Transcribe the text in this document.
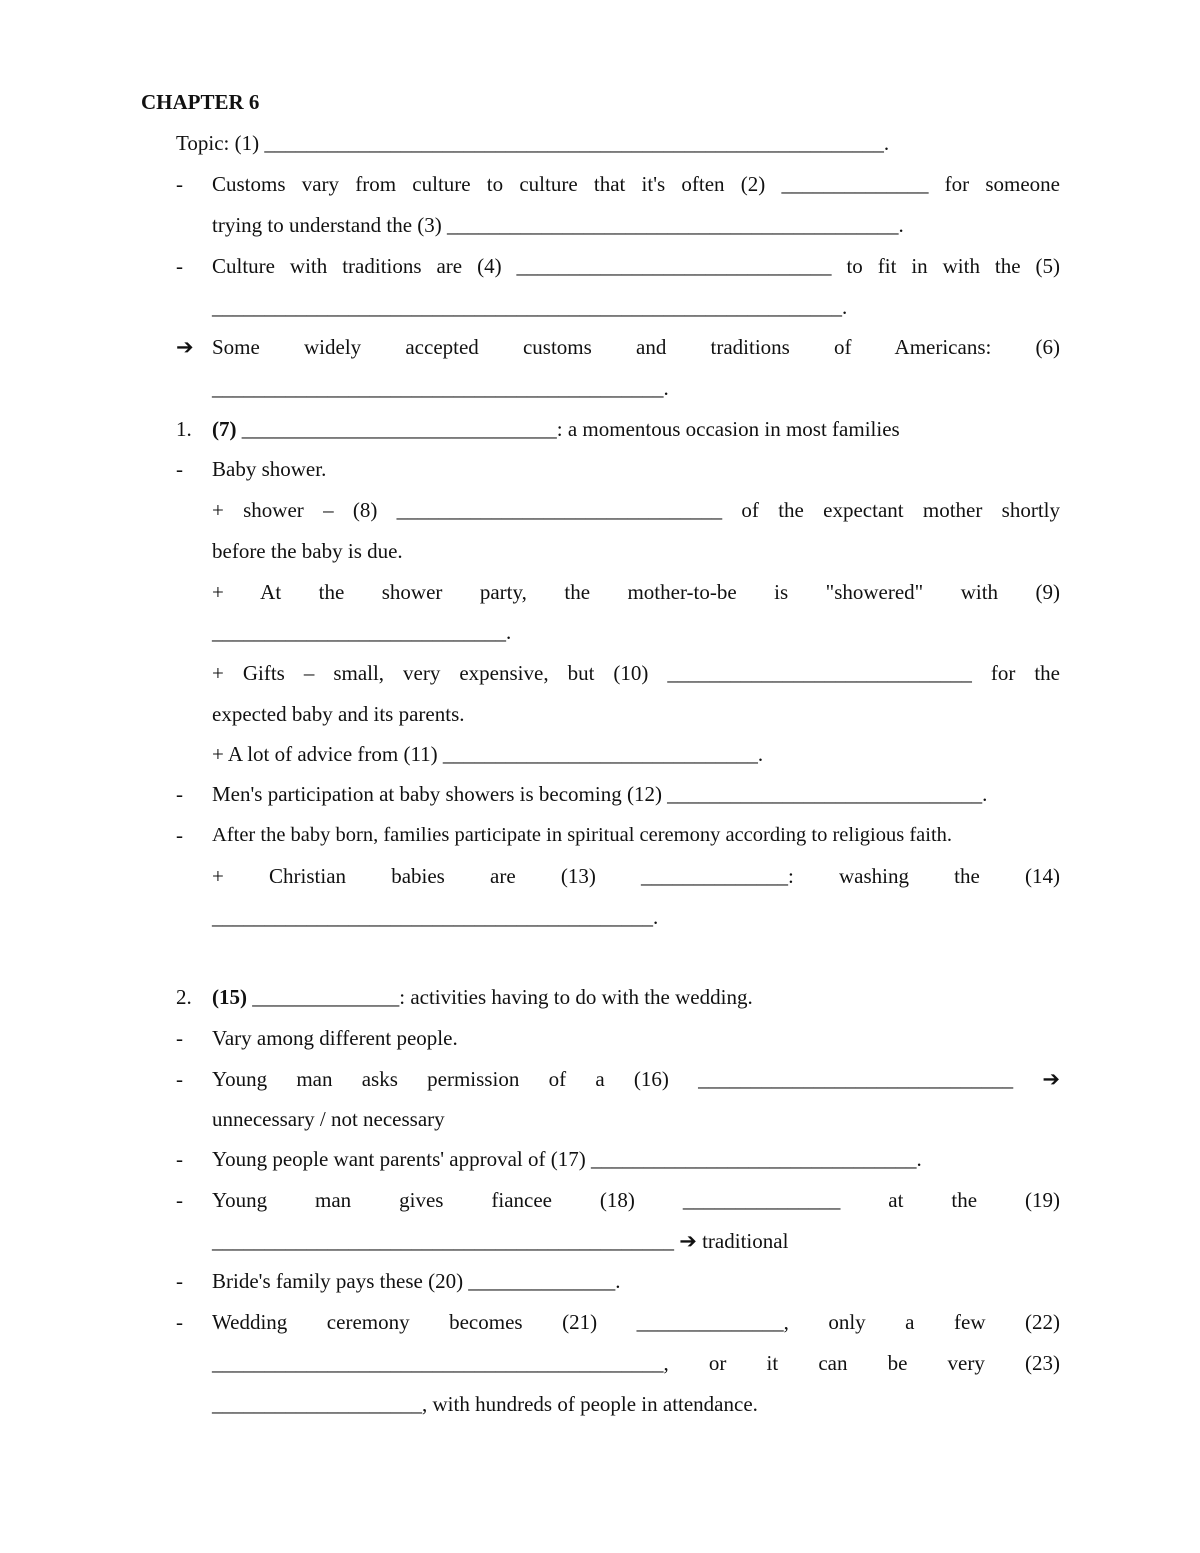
CHAPTER 6
Topic: (1) ___________________________________________________________.
- Customs vary from culture to culture that it's often (2) ______________ for someone
trying to understand the (3) ___________________________________________.
- Culture with traditions are (4) ______________________________ to fit in with the (5)
____________________________________________________________.
➔ Some widely accepted customs and traditions of Americans: (6)
___________________________________________.
1. (7) ______________________________: a momentous occasion in most families
- Baby shower.
+ shower – (8) _______________________________ of the expectant mother shortly
before the baby is due.
+ At the shower party, the mother-to-be is "showered" with (9)
____________________________.
+ Gifts – small, very expensive, but (10) _____________________________ for the
expected baby and its parents.
+ A lot of advice from (11) ______________________________.
- Men's participation at baby showers is becoming (12) ______________________________.
- After the baby born, families participate in spiritual ceremony according to religious faith.
+ Christian babies are (13) ______________: washing the (14)
__________________________________________.
2. (15) ______________: activities having to do with the wedding.
- Vary among different people.
- Young man asks permission of a (16) ______________________________ ➔
unnecessary / not necessary
- Young people want parents' approval of (17) _______________________________.
- Young man gives fiancee (18) _______________ at the (19)
____________________________________________ ➔ traditional
- Bride's family pays these (20) ______________.
- Wedding ceremony becomes (21) ______________, only a few (22)
___________________________________________, or it can be very (23)
____________________, with hundreds of people in attendance.
